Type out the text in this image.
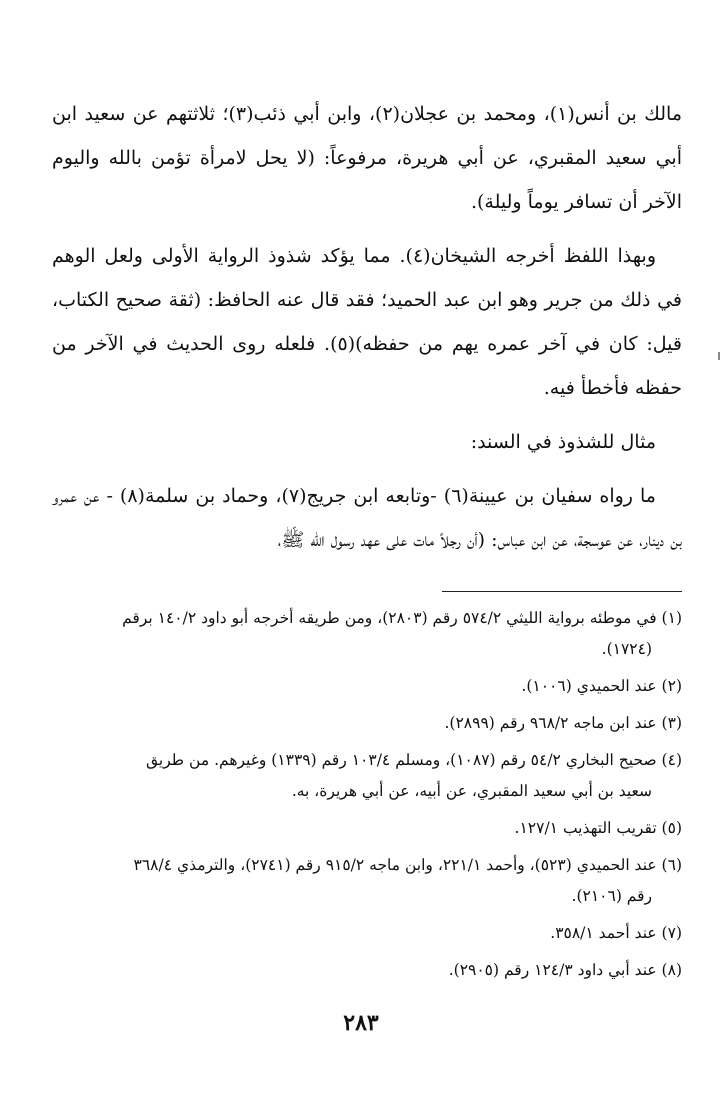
مالك بن أنس(١)، ومحمد بن عجلان(٢)، وابن أبي ذئب(٣)؛ ثلاثتهم عن سعيد ابن أبي سعيد المقبري، عن أبي هريرة، مرفوعاً: (لا يحل لامرأة تؤمن بالله واليوم الآخر أن تسافر يوماً وليلة).

وبهذا اللفظ أخرجه الشيخان(٤). مما يؤكد شذوذ الرواية الأولى ولعل الوهم في ذلك من جرير وهو ابن عبد الحميد؛ فقد قال عنه الحافظ: (ثقة صحيح الكتاب، قيل: كان في آخر عمره يهم من حفظه)(٥). فلعله روى الحديث في الآخر من حفظه فأخطأ فيه.

مثال للشذوذ في السند:

ما رواه سفيان بن عيينة(٦) -وتابعه ابن جريج(٧)، وحماد بن سلمة(٨) - عن عمرو بن دينار، عن عوسجة، عن ابن عباس: (أن رجلاً مات على عهد رسول الله ﷺ،

(١) في موطئه برواية الليثي ٥٧٤/٢ رقم (٢٨٠٣)، ومن طريقه أخرجه أبو داود ١٤٠/٢ برقم
(١٧٢٤).
(٢) عند الحميدي (١٠٠٦).
(٣) عند ابن ماجه ٩٦٨/٢ رقم (٢٨٩٩).
(٤) صحيح البخاري ٥٤/٢ رقم (١٠٨٧)، ومسلم ١٠٣/٤ رقم (١٣٣٩) وغيرهم. من طريق
سعيد بن أبي سعيد المقبري، عن أبيه، عن أبي هريرة، به.
(٥) تقريب التهذيب ١٢٧/١.
(٦) عند الحميدي (٥٢٣)، وأحمد ٢٢١/١، وابن ماجه ٩١٥/٢ رقم (٢٧٤١)، والترمذي ٣٦٨/٤
رقم (٢١٠٦).
(٧) عند أحمد ٣٥٨/١.
(٨) عند أبي داود ١٢٤/٣ رقم (٢٩٠٥).
٢٨٣
